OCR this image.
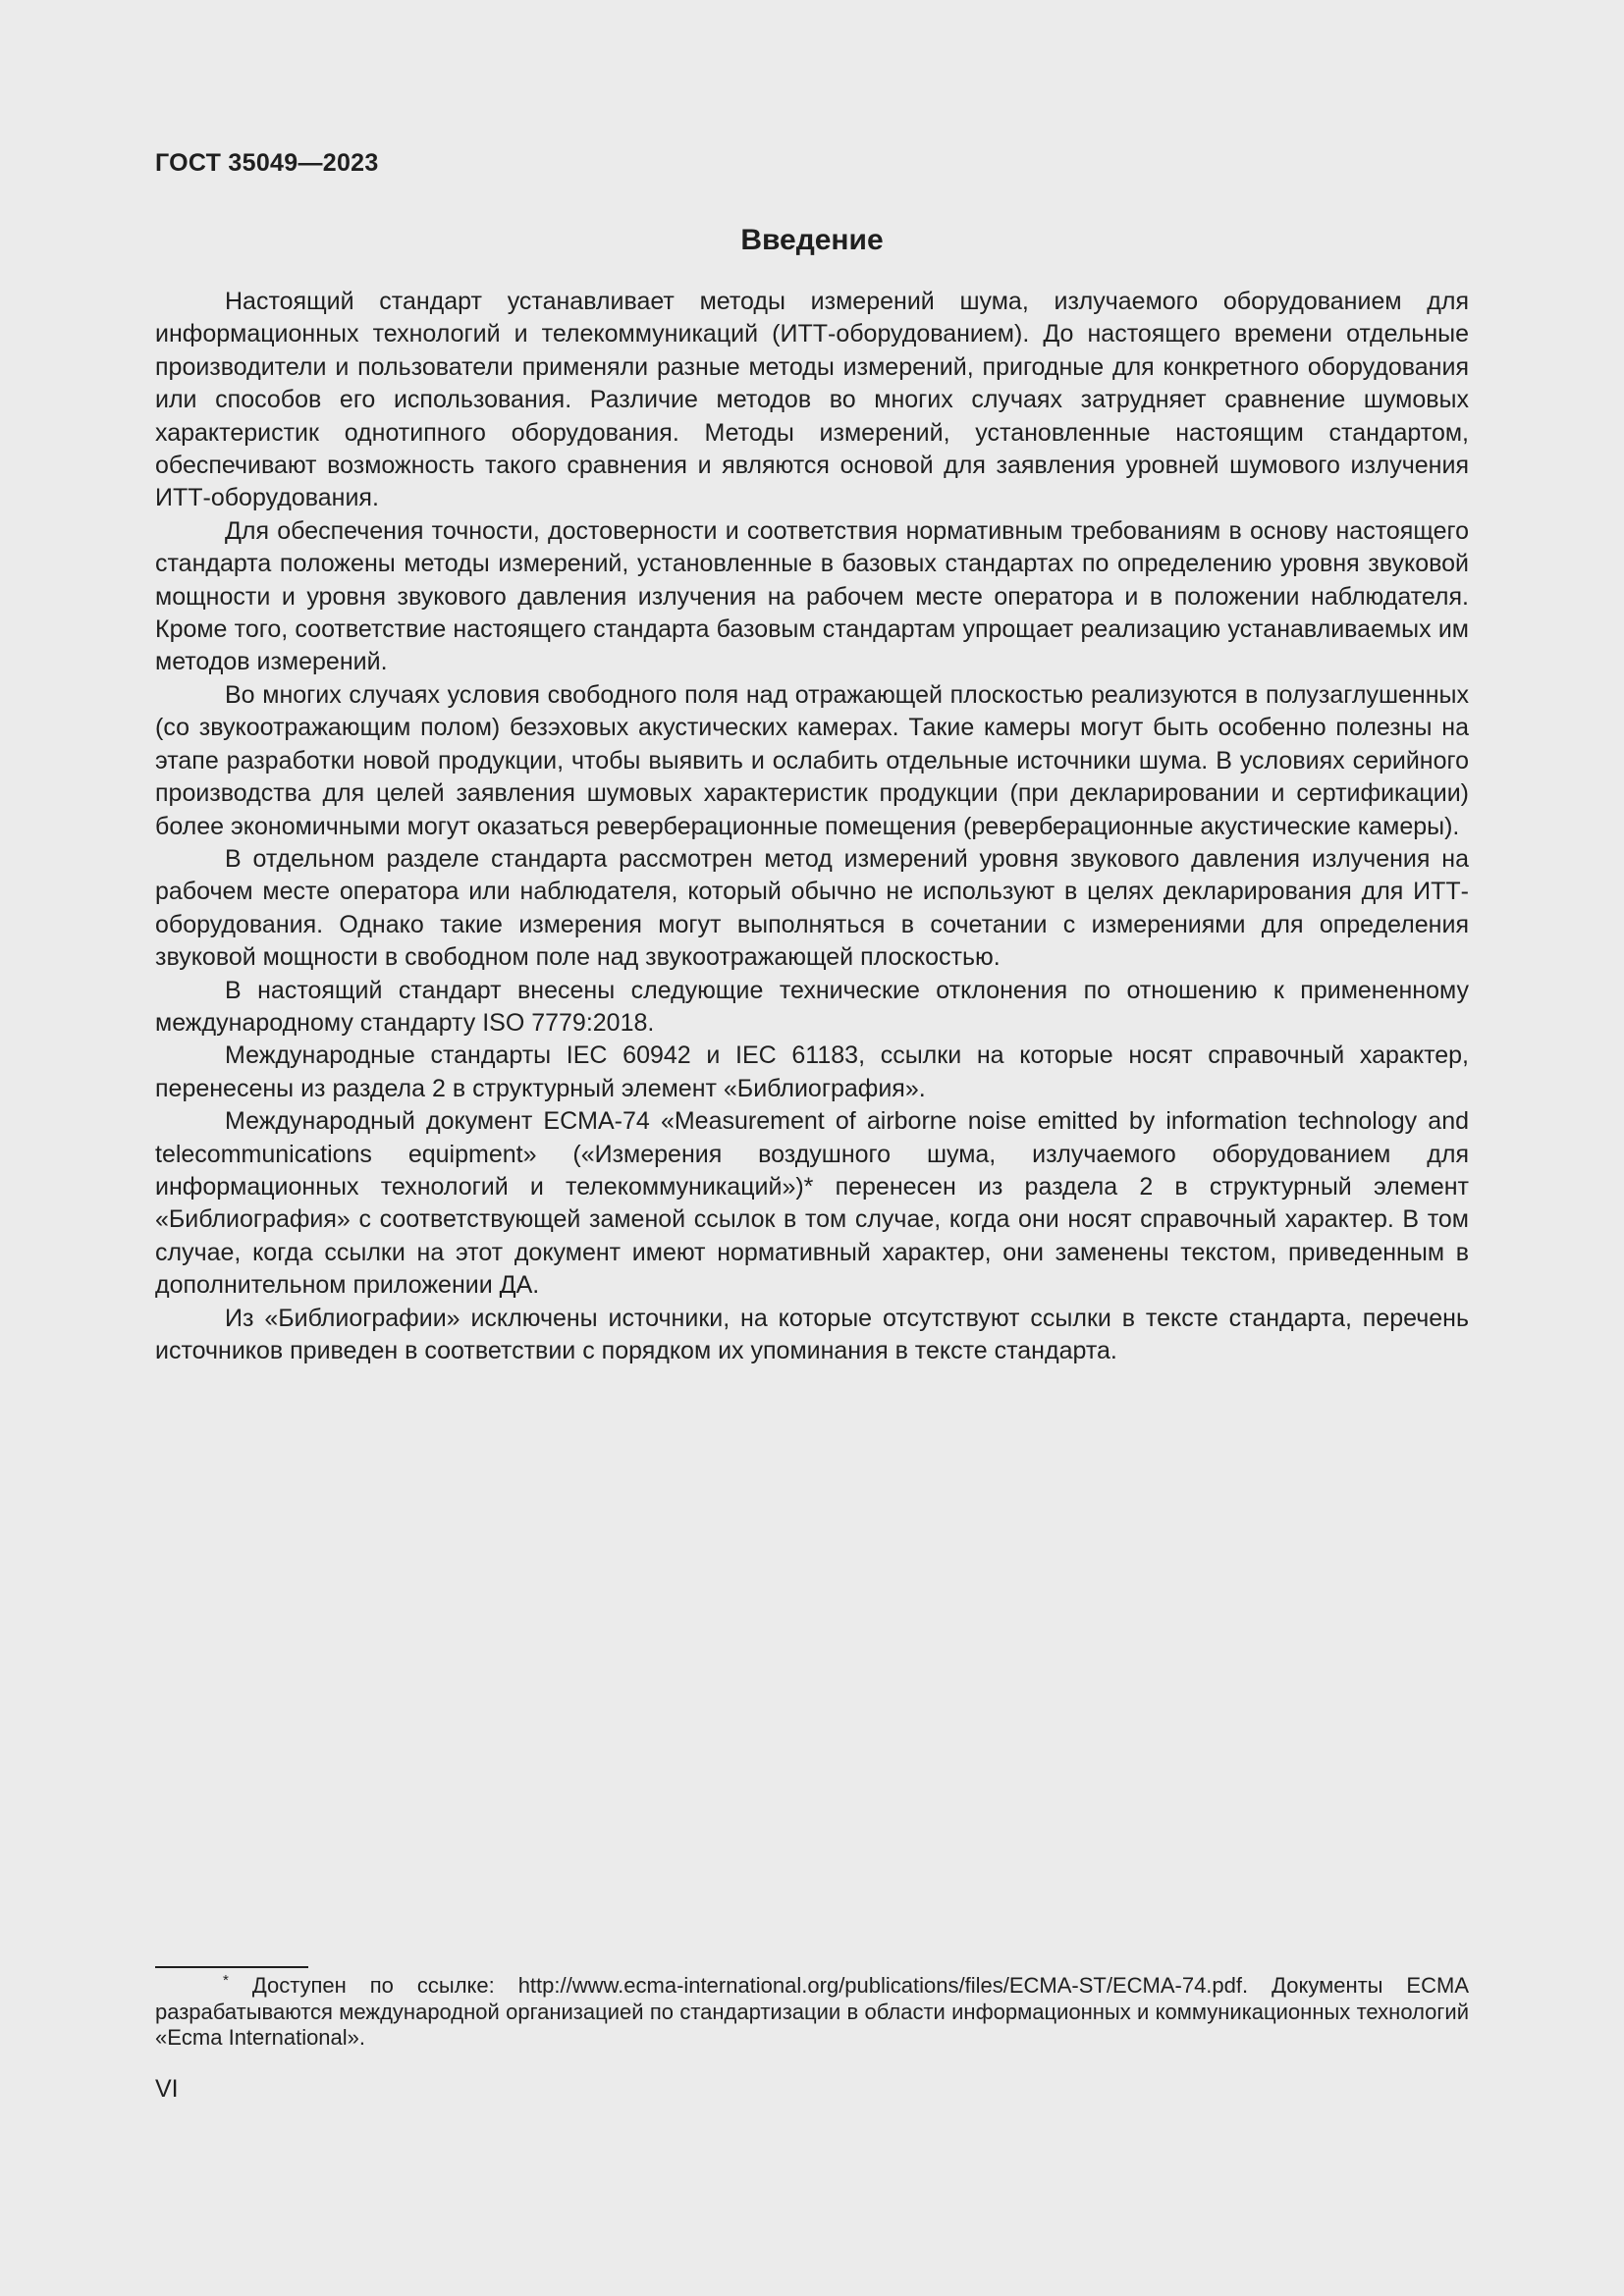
ГОСТ 35049—2023
Введение

Настоящий стандарт устанавливает методы измерений шума, излучаемого оборудованием для информационных технологий и телекоммуникаций (ИТТ-оборудованием). До настоящего времени отдельные производители и пользователи применяли разные методы измерений, пригодные для конкретного оборудования или способов его использования. Различие методов во многих случаях затрудняет сравнение шумовых характеристик однотипного оборудования. Методы измерений, установленные настоящим стандартом, обеспечивают возможность такого сравнения и являются основой для заявления уровней шумового излучения ИТТ-оборудования.

Для обеспечения точности, достоверности и соответствия нормативным требованиям в основу настоящего стандарта положены методы измерений, установленные в базовых стандартах по определению уровня звуковой мощности и уровня звукового давления излучения на рабочем месте оператора и в положении наблюдателя. Кроме того, соответствие настоящего стандарта базовым стандартам упрощает реализацию устанавливаемых им методов измерений.

Во многих случаях условия свободного поля над отражающей плоскостью реализуются в полузаглушенных (со звукоотражающим полом) безэховых акустических камерах. Такие камеры могут быть особенно полезны на этапе разработки новой продукции, чтобы выявить и ослабить отдельные источники шума. В условиях серийного производства для целей заявления шумовых характеристик продукции (при декларировании и сертификации) более экономичными могут оказаться реверберационные помещения (реверберационные акустические камеры).

В отдельном разделе стандарта рассмотрен метод измерений уровня звукового давления излучения на рабочем месте оператора или наблюдателя, который обычно не используют в целях декларирования для ИТТ-оборудования. Однако такие измерения могут выполняться в сочетании с измерениями для определения звуковой мощности в свободном поле над звукоотражающей плоскостью.

В настоящий стандарт внесены следующие технические отклонения по отношению к примененному международному стандарту ISO 7779:2018.

Международные стандарты IEC 60942 и IEC 61183, ссылки на которые носят справочный характер, перенесены из раздела 2 в структурный элемент «Библиография».

Международный документ ECMA-74 «Measurement of airborne noise emitted by information technology and telecommunications equipment» («Измерения воздушного шума, излучаемого оборудованием для информационных технологий и телекоммуникаций»)* перенесен из раздела 2 в структурный элемент «Библиография» с соответствующей заменой ссылок в том случае, когда они носят справочный характер. В том случае, когда ссылки на этот документ имеют нормативный характер, они заменены текстом, приведенным в дополнительном приложении ДА.

Из «Библиографии» исключены источники, на которые отсутствуют ссылки в тексте стандарта, перечень источников приведен в соответствии с порядком их упоминания в тексте стандарта.

* Доступен по ссылке: http://www.ecma-international.org/publications/files/ECMA-ST/ECMA-74.pdf. Документы ECMA разрабатываются международной организацией по стандартизации в области информационных и коммуникационных технологий «Ecma International».
VI
